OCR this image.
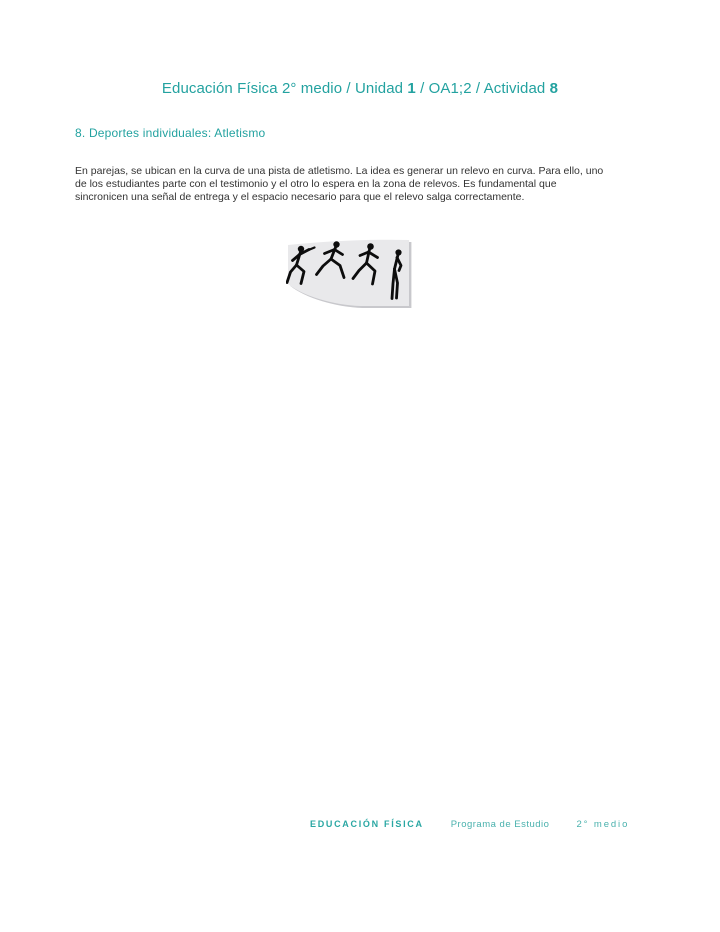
Educación Física 2° medio / Unidad 1 / OA1;2 / Actividad 8
8. Deportes individuales: Atletismo

En parejas, se ubican en la curva de una pista de atletismo. La idea es generar un relevo en curva. Para ello, uno
de los estudiantes parte con el testimonio y el otro lo espera en la zona de relevos. Es fundamental que
sincronicen una señal de entrega y el espacio necesario para que el relevo salga correctamente.

EDUCACIÓN FÍSICA	Programa de Estudio	2° medio
